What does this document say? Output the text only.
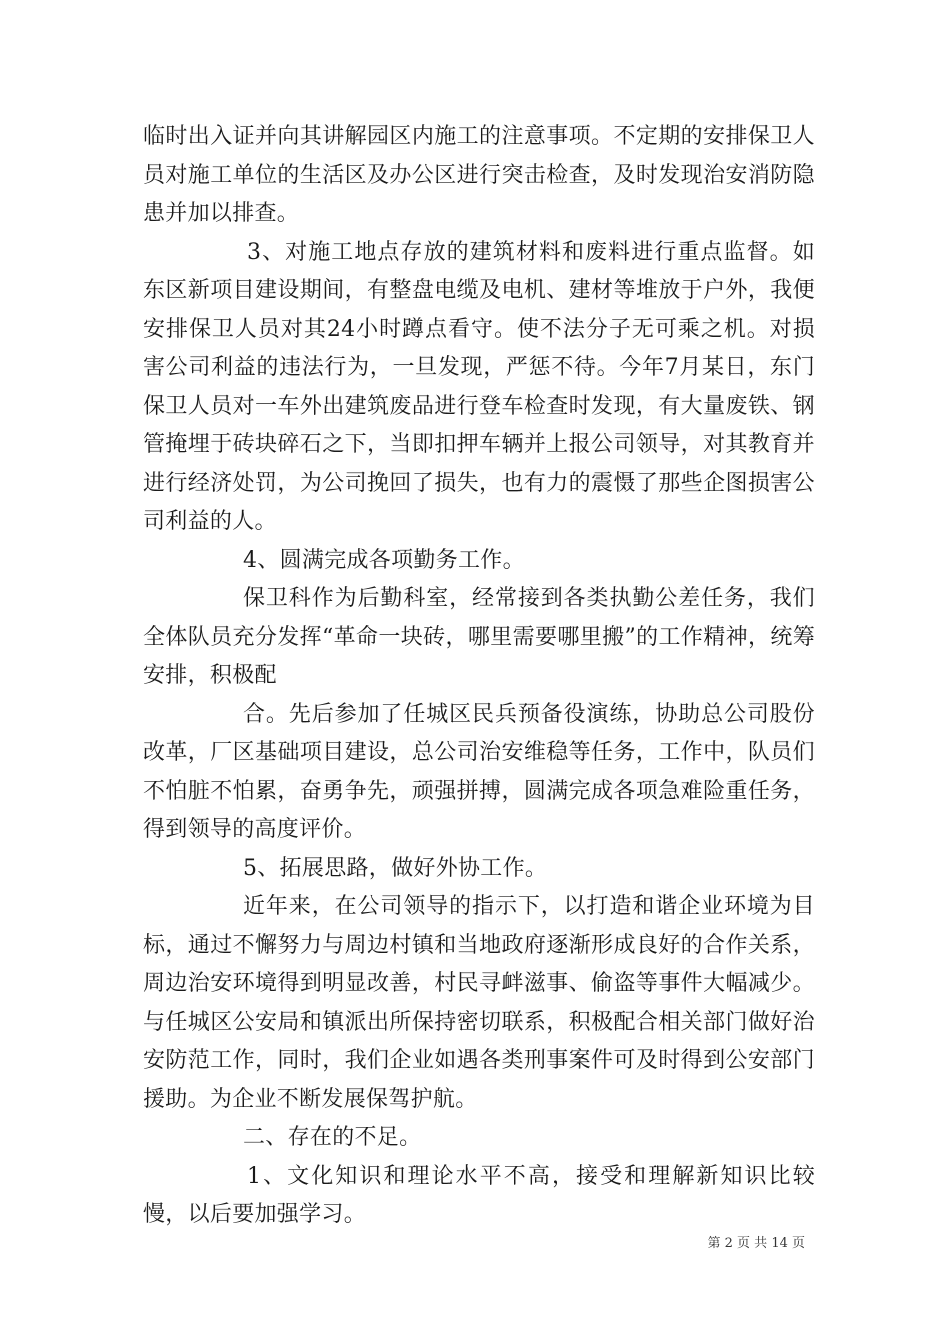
临时出入证并向其讲解园区内施工的注意事项。不定期的安排保卫人员对施工单位的生活区及办公区进行突击检查，及时发现治安消防隐患并加以排查。

3、对施工地点存放的建筑材料和废料进行重点监督。如东区新项目建设期间，有整盘电缆及电机、建材等堆放于户外，我便安排保卫人员对其24小时蹲点看守。使不法分子无可乘之机。对损害公司利益的违法行为，一旦发现，严惩不待。今年7月某日，东门保卫人员对一车外出建筑废品进行登车检查时发现，有大量废铁、钢管掩埋于砖块碎石之下，当即扣押车辆并上报公司领导，对其教育并进行经济处罚，为公司挽回了损失，也有力的震慑了那些企图损害公司利益的人。

4、圆满完成各项勤务工作。

保卫科作为后勤科室，经常接到各类执勤公差任务，我们全体队员充分发挥“革命一块砖，哪里需要哪里搬”的工作精神，统筹安排，积极配

合。先后参加了任城区民兵预备役演练，协助总公司股份改革，厂区基础项目建设，总公司治安维稳等任务，工作中，队员们不怕脏不怕累，奋勇争先，顽强拼搏，圆满完成各项急难险重任务，得到领导的高度评价。

5、拓展思路，做好外协工作。

近年来，在公司领导的指示下，以打造和谐企业环境为目标，通过不懈努力与周边村镇和当地政府逐渐形成良好的合作关系，周边治安环境得到明显改善，村民寻衅滋事、偷盗等事件大幅减少。与任城区公安局和镇派出所保持密切联系，积极配合相关部门做好治安防范工作，同时，我们企业如遇各类刑事案件可及时得到公安部门援助。为企业不断发展保驾护航。

二、存在的不足。

1、文化知识和理论水平不高，接受和理解新知识比较慢，以后要加强学习。

第 2 页 共 14 页
